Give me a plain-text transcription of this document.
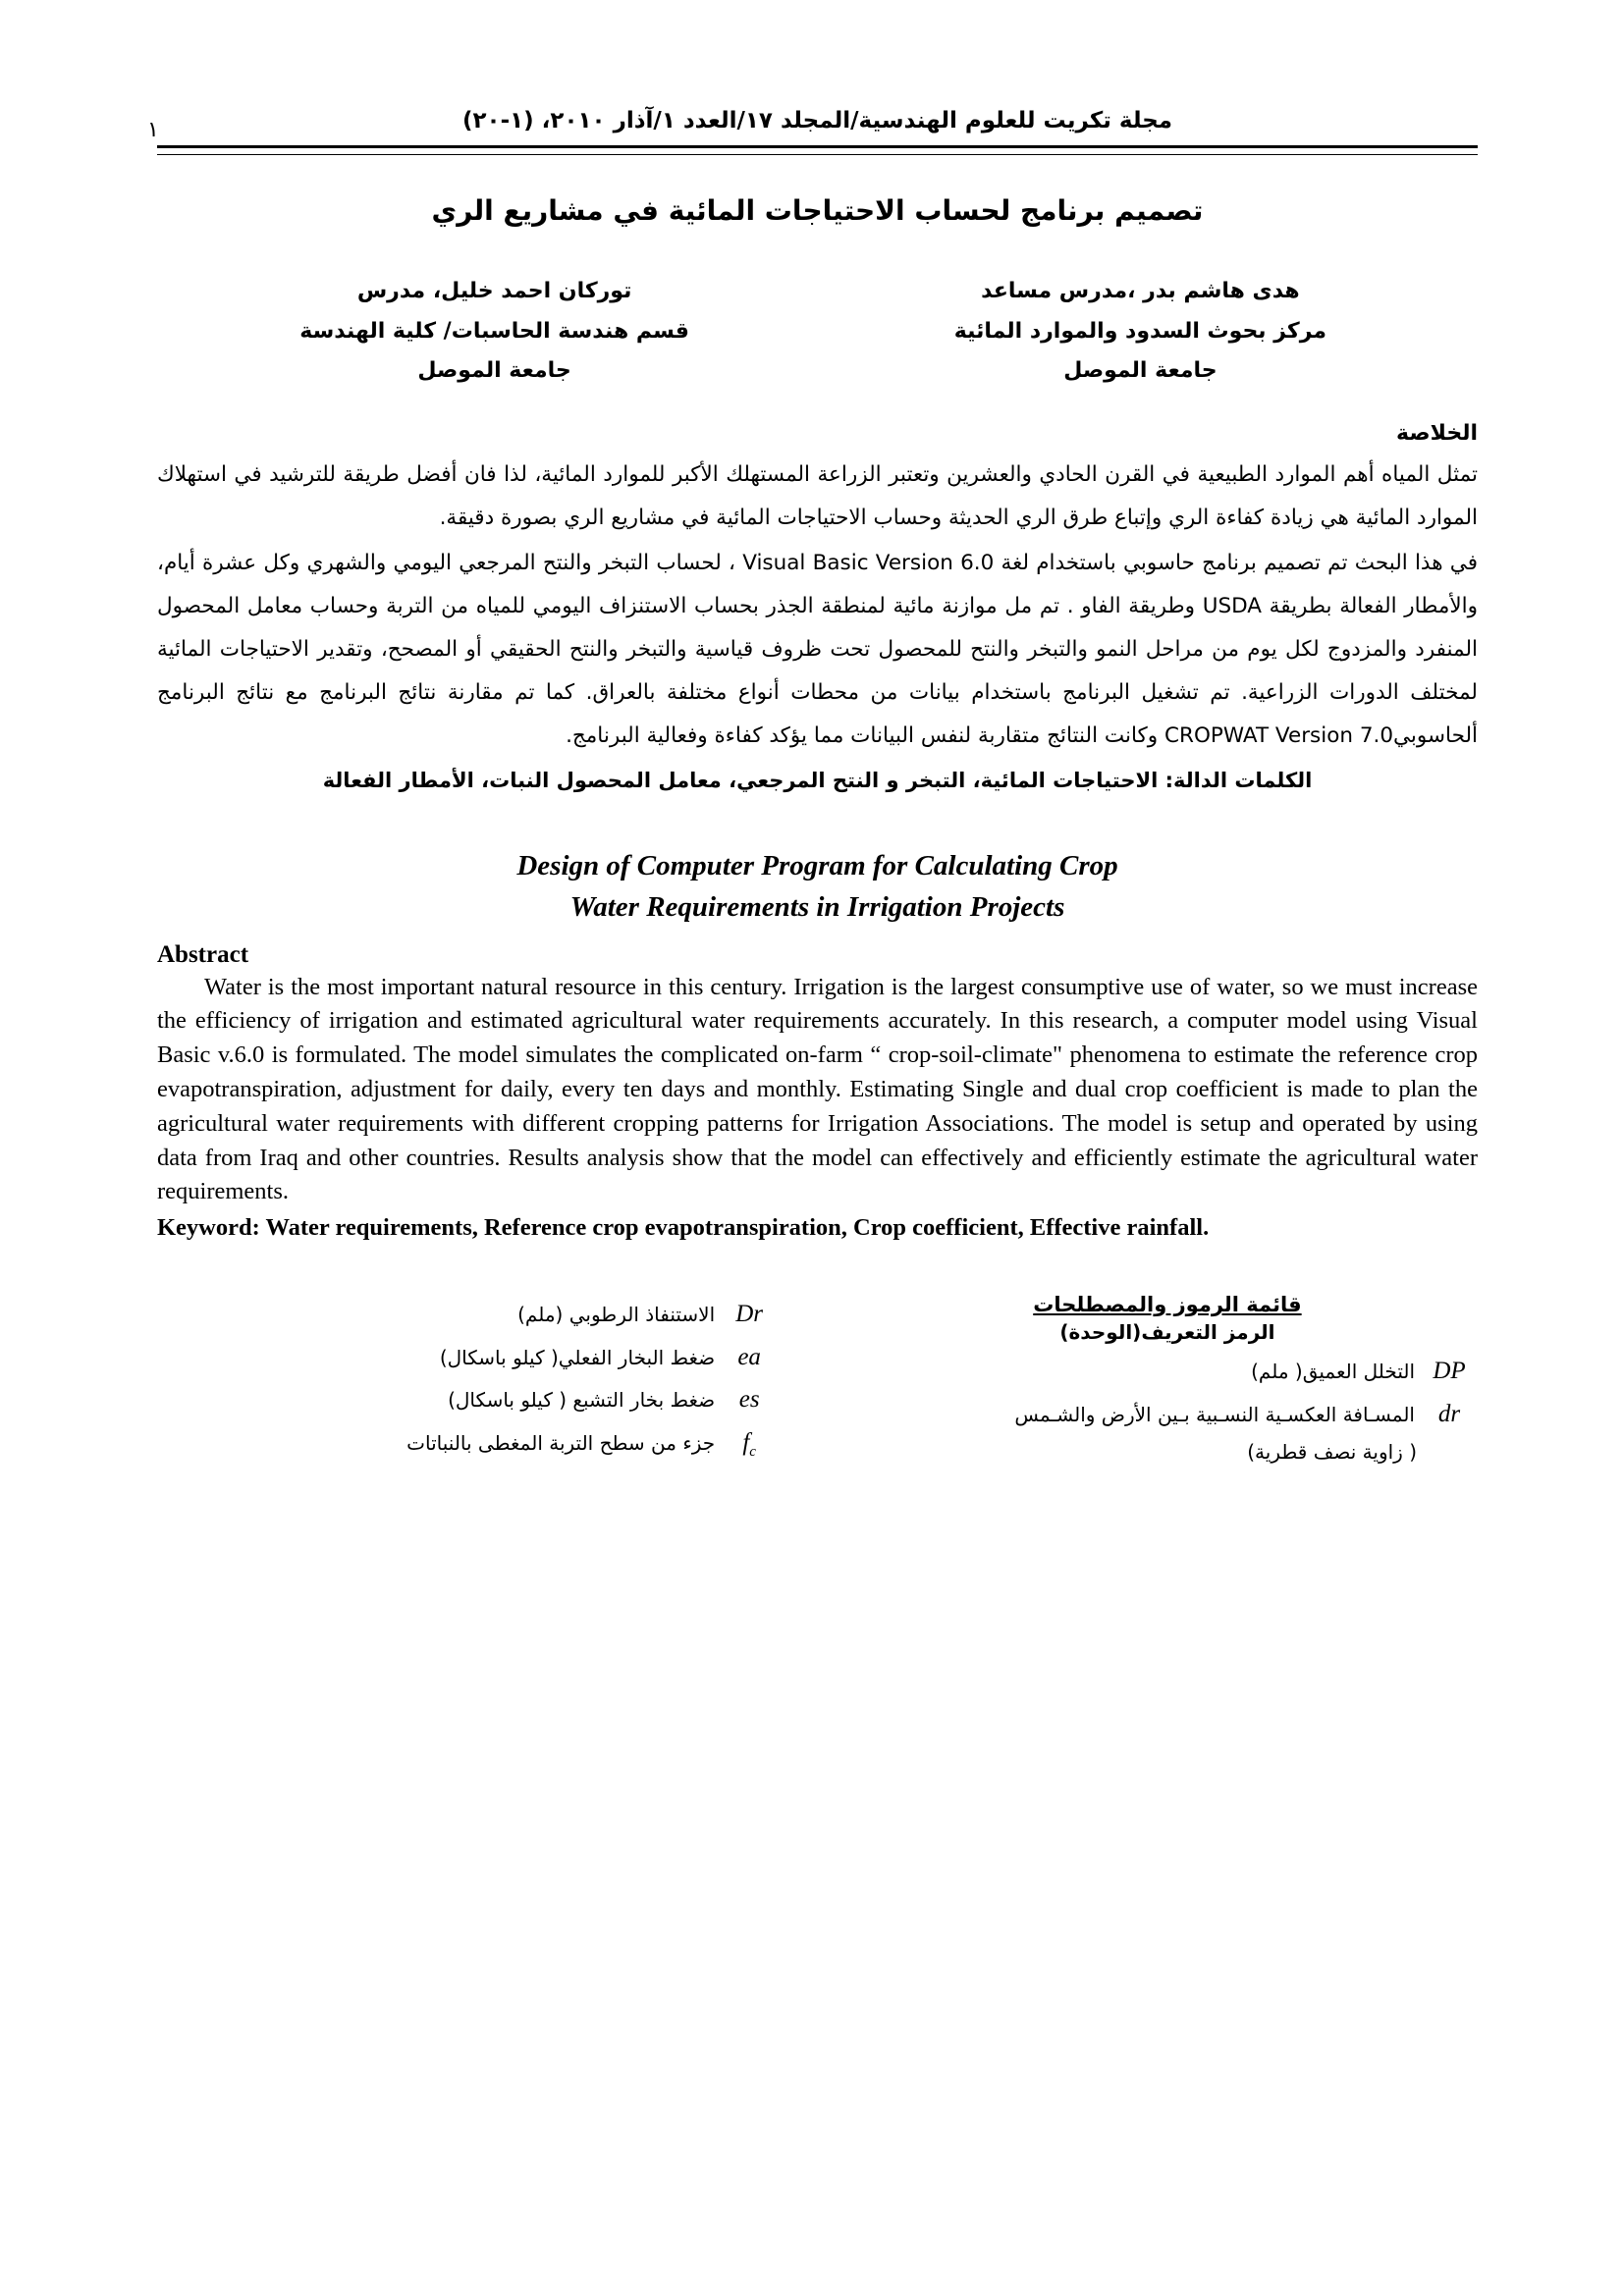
١	مجلة تكريت للعلوم الهندسية/المجلد ١٧/العدد ١/آذار ٢٠١٠، (١-٢٠)
تصميم برنامج لحساب الاحتياجات المائية في مشاريع الري
هدى هاشم بدر ،مدرس مساعد
مركز بحوث السدود والموارد المائية
جامعة الموصل
توركان احمد خليل، مدرس
قسم هندسة الحاسبات/ كلية الهندسة
جامعة الموصل
الخلاصة
تمثل المياه أهم الموارد الطبيعية في القرن الحادي والعشرين وتعتبر الزراعة المستهلك الأكبر للموارد المائية، لذا فان أفضل طريقة للترشيد في استهلاك الموارد المائية هي زيادة كفاءة الري وإتباع طرق الري الحديثة وحساب الاحتياجات المائية في مشاريع الري بصورة دقيقة.
في هذا البحث تم تصميم برنامج حاسوبي باستخدام لغة Visual Basic Version 6.0 ، لحساب التبخر والنتح المرجعي اليومي والشهري وكل عشرة أيام، والأمطار الفعالة بطريقة USDA وطريقة الفاو . تم مل موازنة مائية لمنطقة الجذر بحساب الاستنزاف اليومي للمياه من التربة وحساب معامل المحصول المنفرد والمزدوج لكل يوم من مراحل النمو والتبخر والنتح للمحصول تحت ظروف قياسية والتبخر والنتح الحقيقي أو المصحح، وتقدير الاحتياجات المائية لمختلف الدورات الزراعية. تم تشغيل البرنامج باستخدام بيانات من محطات أنواع مختلفة بالعراق. كما تم مقارنة نتائج البرنامج مع نتائج البرنامج ألحاسوبيCROPWAT Version 7.0 وكانت النتائج متقاربة لنفس البيانات مما يؤكد كفاءة وفعالية البرنامج.
الكلمات الدالة: الاحتياجات المائية، التبخر و النتح المرجعي، معامل المحصول النبات، الأمطار الفعالة
Design of Computer Program for Calculating Crop
Water Requirements in Irrigation Projects
Abstract
Water is the most important natural resource in this century. Irrigation is the largest consumptive use of water, so we must increase the efficiency of irrigation and estimated agricultural water requirements accurately. In this research, a computer model using Visual Basic v.6.0 is formulated. The model simulates the complicated on-farm “ crop-soil-climate" phenomena to estimate the reference crop evapotranspiration, adjustment for daily, every ten days and monthly. Estimating Single and dual crop coefficient is made to plan the agricultural water requirements with different cropping patterns for Irrigation Associations. The model is setup and operated by using data from Iraq and other countries. Results analysis show that the model can effectively and efficiently estimate the agricultural water requirements.
Keyword: Water requirements, Reference crop evapotranspiration, Crop coefficient, Effective rainfall.
قائمة الرموز والمصطلحات
الرمز التعريف(الوحدة)
DP
التخلل العميق( ملم)
dr
المسـافة العكسـية النسـبية بـين الأرض والشـمس
( زاوية نصف قطرية)
Dr
الاستنفاذ الرطوبي (ملم)
ea
ضغط البخار الفعلي( كيلو باسكال)
es
ضغط بخار التشبع ( كيلو باسكال)
$f_c$
جزء من سطح التربة المغطى بالنباتات
